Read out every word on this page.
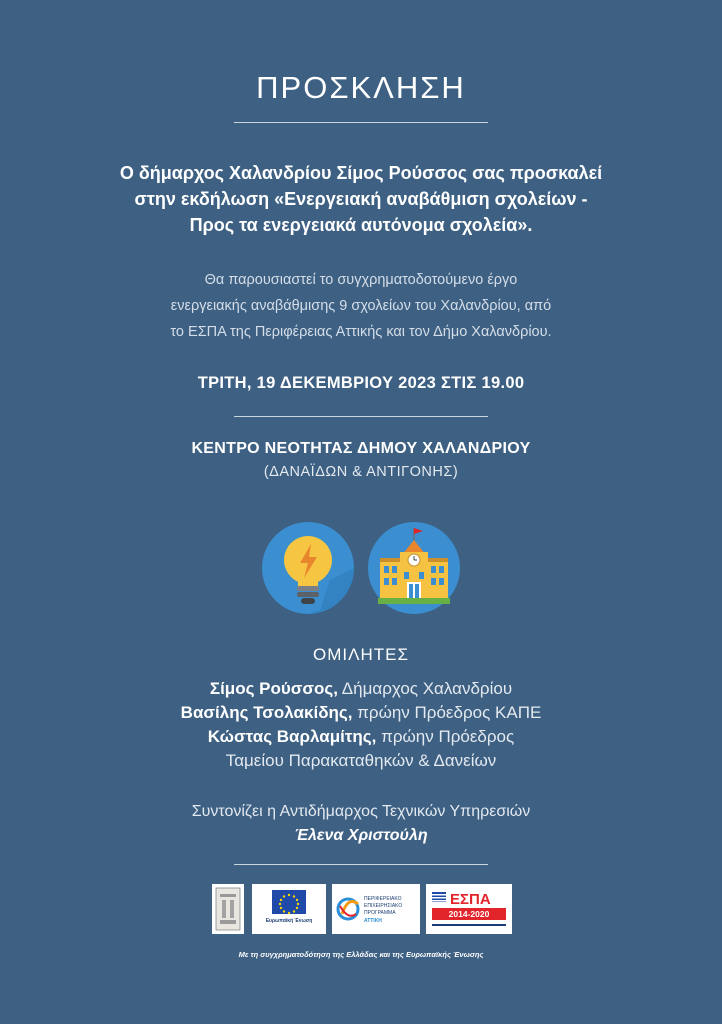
ΠΡΟΣΚΛΗΣΗ
Ο δήμαρχος Χαλανδρίου Σίμος Ρούσσος σας προσκαλεί
στην εκδήλωση «Ενεργειακή αναβάθμιση σχολείων -
Προς τα ενεργειακά αυτόνομα σχολεία».
Θα παρουσιαστεί το συγχρηματοδοτούμενο έργο
ενεργειακής αναβάθμισης 9 σχολείων του Χαλανδρίου, από
το ΕΣΠΑ της Περιφέρειας Αττικής και τον Δήμο Χαλανδρίου.
ΤΡΙΤΗ, 19 ΔΕΚΕΜΒΡΙΟΥ 2023 ΣΤΙΣ 19.00
ΚΕΝΤΡΟ ΝΕΟΤΗΤΑΣ ΔΗΜΟΥ ΧΑΛΑΝΔΡΙΟΥ
(ΔΑΝΑΪΔΩΝ & ΑΝΤΙΓΟΝΗΣ)
ΟΜΙΛΗΤΕΣ
Σίμος Ρούσσος, Δήμαρχος Χαλανδρίου
Βασίλης Τσολακίδης, πρώην Πρόεδρος ΚΑΠΕ
Κώστας Βαρλαμίτης, πρώην Πρόεδρος
Ταμείου Παρακαταθηκών & Δανείων
Συντονίζει η Αντιδήμαρχος Τεχνικών Υπηρεσιών
Έλενα Χριστούλη
Ευρωπαϊκή Ένωση
ΠΕΡΙΦΕΡΕΙΑΚΟ
ΕΠΙΧΕΙΡΗΣΙΑΚΟ
ΠΡΟΓΡΑΜΜΑ
ΑΤΤΙΚΗ
ΕΣΠΑ
2014-2020
Με τη συγχρηματοδότηση της Ελλάδας και της Ευρωπαϊκής Ένωσης
